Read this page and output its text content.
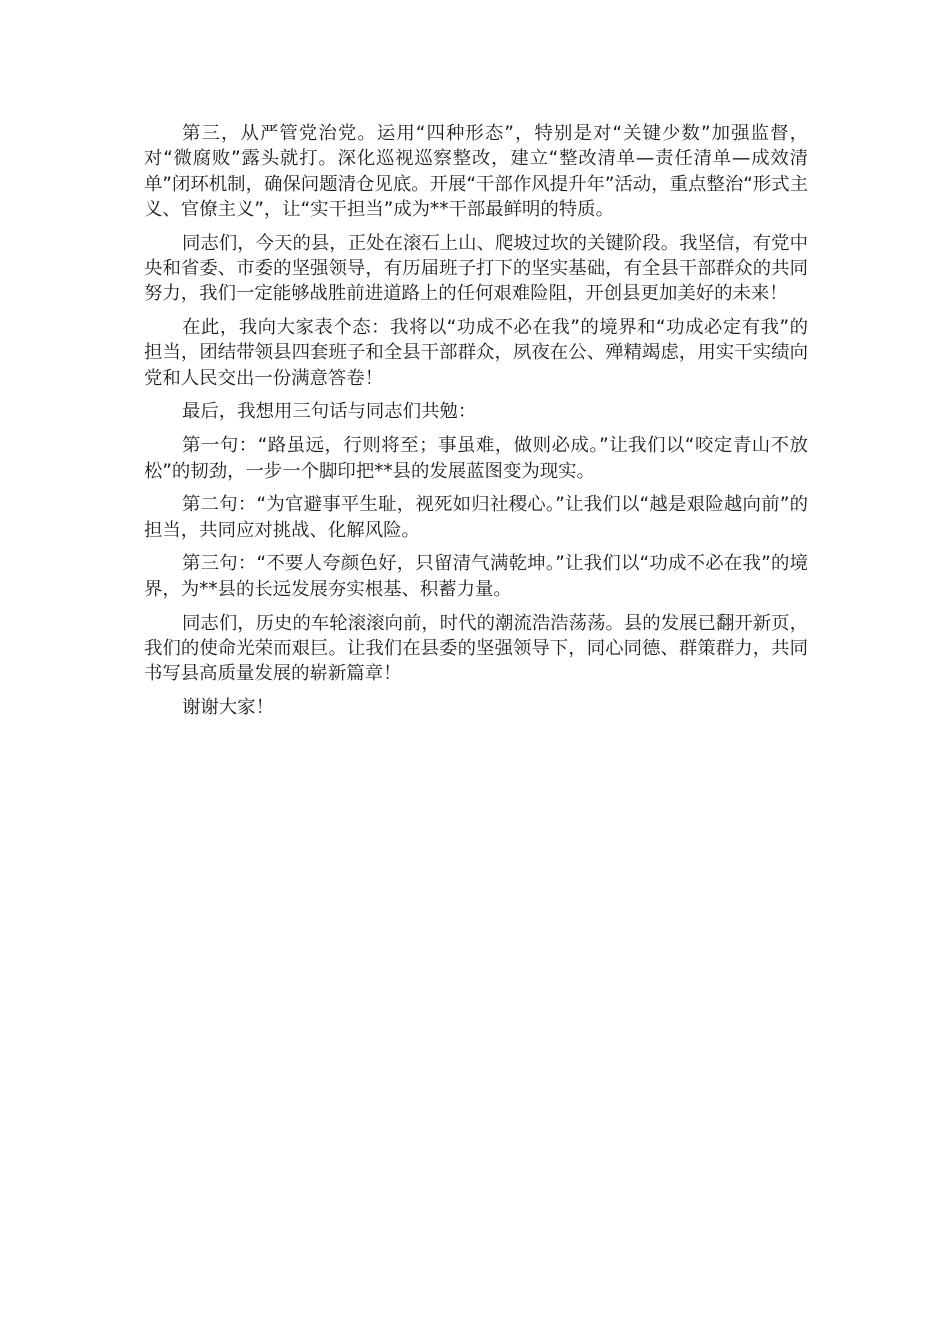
第三，从严管党治党。运用“四种形态”，特别是对“关键少数”加强监督，对“微腐败”露头就打。深化巡视巡察整改，建立“整改清单—责任清单—成效清单”闭环机制，确保问题清仓见底。开展“干部作风提升年”活动，重点整治“形式主义、官僚主义”，让“实干担当”成为**干部最鲜明的特质。

同志们，今天的县，正处在滚石上山、爬坡过坎的关键阶段。我坚信，有党中央和省委、市委的坚强领导，有历届班子打下的坚实基础，有全县干部群众的共同努力，我们一定能够战胜前进道路上的任何艰难险阻，开创县更加美好的未来！

在此，我向大家表个态：我将以“功成不必在我”的境界和“功成必定有我”的担当，团结带领县四套班子和全县干部群众，夙夜在公、殚精竭虑，用实干实绩向党和人民交出一份满意答卷！

最后，我想用三句话与同志们共勉：

第一句：“路虽远，行则将至；事虽难，做则必成。”让我们以“咬定青山不放松”的韧劲，一步一个脚印把**县的发展蓝图变为现实。

第二句：“为官避事平生耻，视死如归社稷心。”让我们以“越是艰险越向前”的担当，共同应对挑战、化解风险。

第三句：“不要人夸颜色好，只留清气满乾坤。”让我们以“功成不必在我”的境界，为**县的长远发展夯实根基、积蓄力量。

同志们，历史的车轮滚滚向前，时代的潮流浩浩荡荡。县的发展已翻开新页，我们的使命光荣而艰巨。让我们在县委的坚强领导下，同心同德、群策群力，共同书写县高质量发展的崭新篇章！

谢谢大家！
